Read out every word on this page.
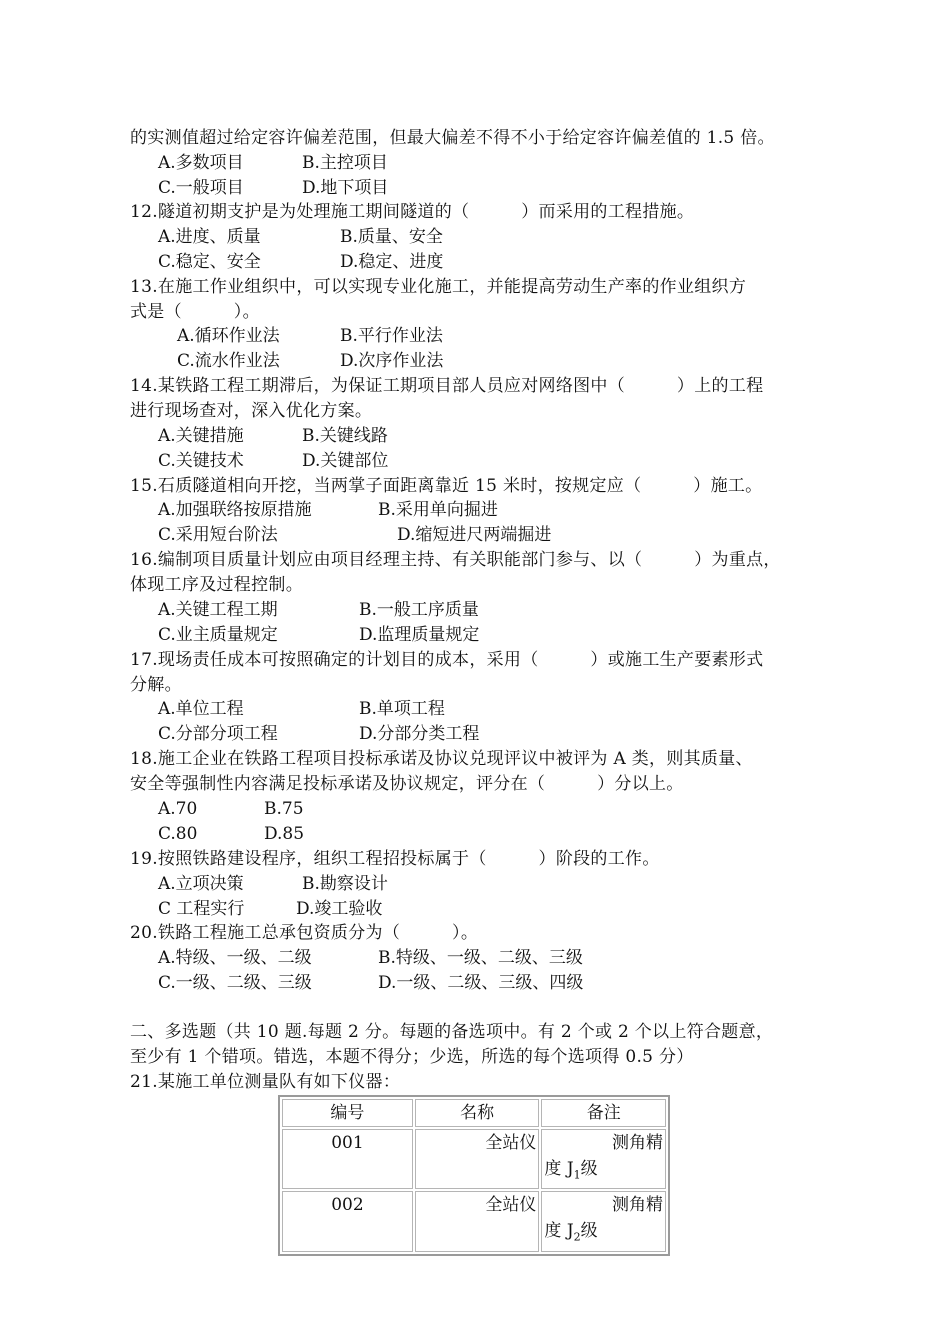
的实测值超过给定容许偏差范围，但最大偏差不得不小于给定容许偏差值的 1.5 倍。
A.多数项目	B.主控项目
C.一般项目	D.地下项目
12.隧道初期支护是为处理施工期间隧道的（　　　）而采用的工程措施。
A.进度、质量	B.质量、安全
C.稳定、安全	D.稳定、进度
13.在施工作业组织中，可以实现专业化施工，并能提高劳动生产率的作业组织方
式是（　　　）。
A.循环作业法	B.平行作业法
C.流水作业法	D.次序作业法
14.某铁路工程工期滞后，为保证工期项目部人员应对网络图中（　　　）上的工程
进行现场查对，深入优化方案。
A.关键措施	B.关键线路
C.关键技术	D.关键部位
15.石质隧道相向开挖，当两掌子面距离靠近 15 米时，按规定应（　　　）施工。
A.加强联络按原措施	B.采用单向掘进
C.采用短台阶法	D.缩短进尺两端掘进
16.编制项目质量计划应由项目经理主持、有关职能部门参与、以（　　　）为重点，
体现工序及过程控制。
A.关键工程工期	B.一般工序质量
C.业主质量规定	D.监理质量规定
17.现场责任成本可按照确定的计划目的成本，采用（　　　）或施工生产要素形式
分解。
A.单位工程	B.单项工程
C.分部分项工程	D.分部分类工程
18.施工企业在铁路工程项目投标承诺及协议兑现评议中被评为 A 类，则其质量、
安全等强制性内容满足投标承诺及协议规定，评分在（　　　）分以上。
A.70	B.75
C.80	D.85
19.按照铁路建设程序，组织工程招投标属于（　　　）阶段的工作。
A.立项决策	B.勘察设计
C 工程实行	D.竣工验收
20.铁路工程施工总承包资质分为（　　　）。
A.特级、一级、二级	B.特级、一级、二级、三级
C.一级、二级、三级	D.一级、二级、三级、四级
二、多选题（共 10 题.每题 2 分。每题的备选项中。有 2 个或 2 个以上符合题意，
至少有 1 个错项。错选，本题不得分；少选，所选的每个选项得 0.5 分）
21.某施工单位测量队有如下仪器：
编号	名称	备注
001	全站仪	测角精
度 $J_1$级

002	全站仪	测角精
度 $J_2$级
